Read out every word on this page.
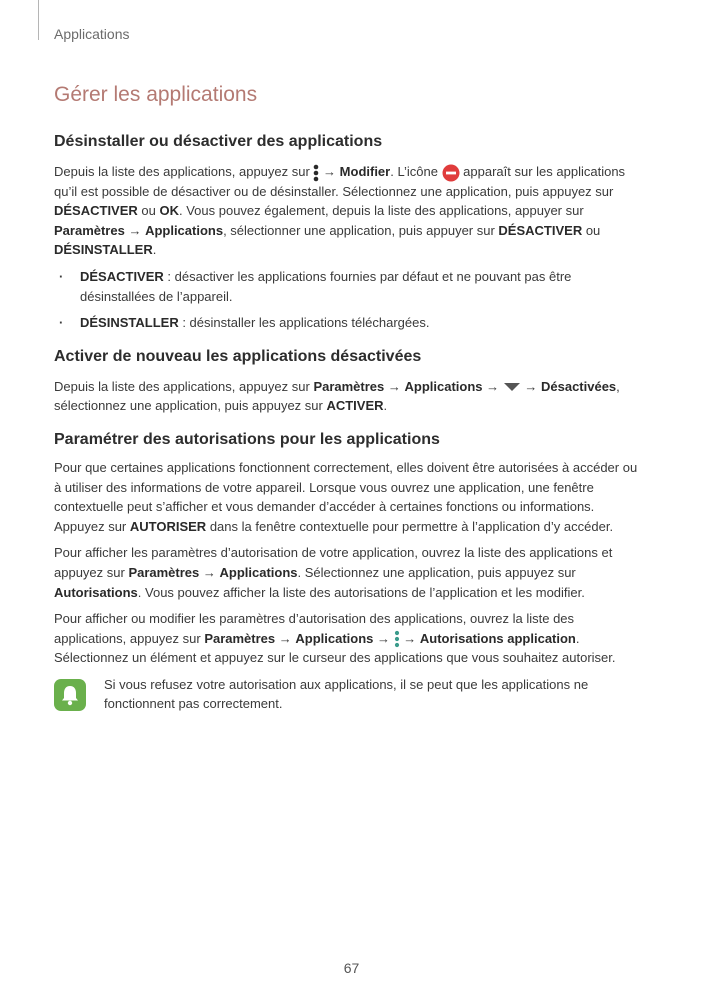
Applications
Gérer les applications
Désinstaller ou désactiver des applications

Depuis la liste des applications, appuyez sur  → Modifier. L’icône  apparaît sur les applications qu’il est possible de désactiver ou de désinstaller. Sélectionnez une application, puis appuyez sur DÉSACTIVER ou OK. Vous pouvez également, depuis la liste des applications, appuyer sur Paramètres → Applications, sélectionner une application, puis appuyer sur DÉSACTIVER ou DÉSINSTALLER.

· DÉSACTIVER : désactiver les applications fournies par défaut et ne pouvant pas être désinstallées de l’appareil.
· DÉSINSTALLER : désinstaller les applications téléchargées.
Activer de nouveau les applications désactivées

Depuis la liste des applications, appuyez sur Paramètres → Applications →  → Désactivées, sélectionnez une application, puis appuyez sur ACTIVER.

Paramétrer des autorisations pour les applications

Pour que certaines applications fonctionnent correctement, elles doivent être autorisées à accéder ou à utiliser des informations de votre appareil. Lorsque vous ouvrez une application, une fenêtre contextuelle peut s’afficher et vous demander d’accéder à certaines fonctions ou informations. Appuyez sur AUTORISER dans la fenêtre contextuelle pour permettre à l’application d’y accéder.

Pour afficher les paramètres d’autorisation de votre application, ouvrez la liste des applications et appuyez sur Paramètres → Applications. Sélectionnez une application, puis appuyez sur Autorisations. Vous pouvez afficher la liste des autorisations de l’application et les modifier.

Pour afficher ou modifier les paramètres d’autorisation des applications, ouvrez la liste des applications, appuyez sur Paramètres → Applications →  → Autorisations application. Sélectionnez un élément et appuyez sur le curseur des applications que vous souhaitez autoriser.

Si vous refusez votre autorisation aux applications, il se peut que les applications ne fonctionnent pas correctement.

67
